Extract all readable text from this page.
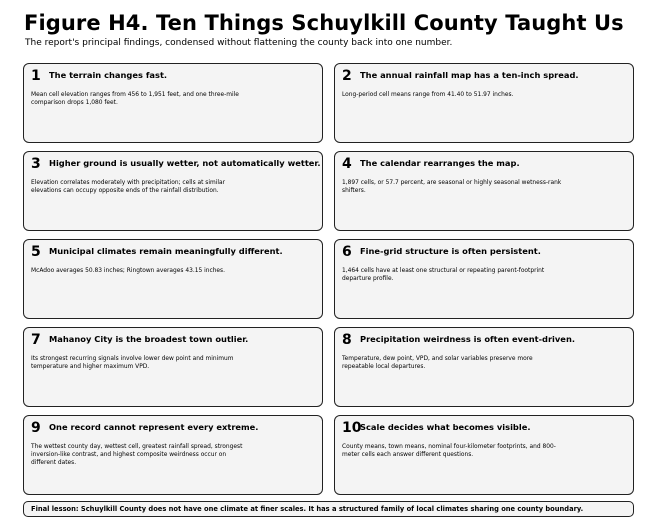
Figure H4. Ten Things Schuylkill County Taught Us
The report's principal findings, condensed without flattening the county back into one number.
1 The terrain changes fast.
Mean cell elevation ranges from 456 to 1,951 feet, and one three-mile comparison drops 1,080 feet.
2 The annual rainfall map has a ten-inch spread.
Long-period cell means range from 41.40 to 51.97 inches.
3 Higher ground is usually wetter, not automatically wetter.
Elevation correlates moderately with precipitation; cells at similar elevations can occupy opposite ends of the rainfall distribution.
4 The calendar rearranges the map.
1,897 cells, or 57.7 percent, are seasonal or highly seasonal wetness-rank shifters.
5 Municipal climates remain meaningfully different.
McAdoo averages 50.83 inches; Ringtown averages 43.15 inches.
6 Fine-grid structure is often persistent.
1,464 cells have at least one structural or repeating parent-footprint departure profile.
7 Mahanoy City is the broadest town outlier.
Its strongest recurring signals involve lower dew point and minimum temperature and higher maximum VPD.
8 Precipitation weirdness is often event-driven.
Temperature, dew point, VPD, and solar variables preserve more repeatable local departures.
9 One record cannot represent every extreme.
The wettest county day, wettest cell, greatest rainfall spread, strongest inversion-like contrast, and highest composite weirdness occur on different dates.
10
Scale decides what becomes visible.
County means, town means, nominal four-kilometer footprints, and 800-meter cells each answer different questions.
Final lesson: Schuylkill County does not have one climate at finer scales. It has a structured family of local climates sharing one county boundary.
